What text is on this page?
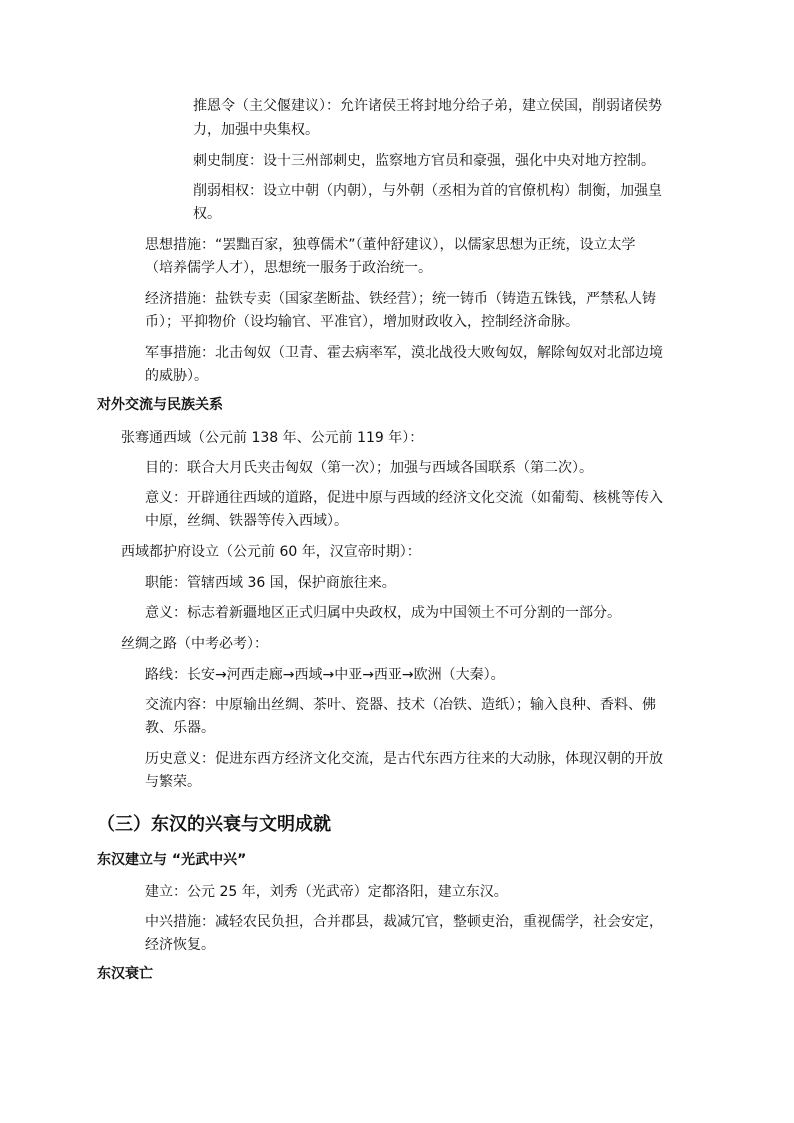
推恩令（主父偃建议）：允许诸侯王将封地分给子弟，建立侯国，削弱诸侯势

力，加强中央集权。

刺史制度：设十三州部刺史，监察地方官员和豪强，强化中央对地方控制。

削弱相权：设立中朝（内朝），与外朝（丞相为首的官僚机构）制衡，加强皇

权。

思想措施：“罢黜百家，独尊儒术”（董仲舒建议），以儒家思想为正统，设立太学

（培养儒学人才），思想统一服务于政治统一。

经济措施：盐铁专卖（国家垄断盐、铁经营）；统一铸币（铸造五铢钱，严禁私人铸

币）；平抑物价（设均输官、平准官），增加财政收入，控制经济命脉。

军事措施：北击匈奴（卫青、霍去病率军，漠北战役大败匈奴，解除匈奴对北部边境

的威胁）。

对外交流与民族关系

张骞通西域（公元前 138 年、公元前 119 年）：

目的：联合大月氏夹击匈奴（第一次）；加强与西域各国联系（第二次）。

意义：开辟通往西域的道路，促进中原与西域的经济文化交流（如葡萄、核桃等传入

中原，丝绸、铁器等传入西域）。

西域都护府设立（公元前 60 年，汉宣帝时期）：

职能：管辖西域 36 国，保护商旅往来。

意义：标志着新疆地区正式归属中央政权，成为中国领土不可分割的一部分。

丝绸之路（中考必考）：

路线：长安→河西走廊→西域→中亚→西亚→欧洲（大秦）。

交流内容：中原输出丝绸、茶叶、瓷器、技术（冶铁、造纸）；输入良种、香料、佛

教、乐器。

历史意义：促进东西方经济文化交流，是古代东西方往来的大动脉，体现汉朝的开放

与繁荣。

（三）东汉的兴衰与文明成就
东汉建立与 “光武中兴”

建立：公元 25 年，刘秀（光武帝）定都洛阳，建立东汉。

中兴措施：减轻农民负担，合并郡县，裁减冗官，整顿吏治，重视儒学，社会安定，

经济恢复。

东汉衰亡
